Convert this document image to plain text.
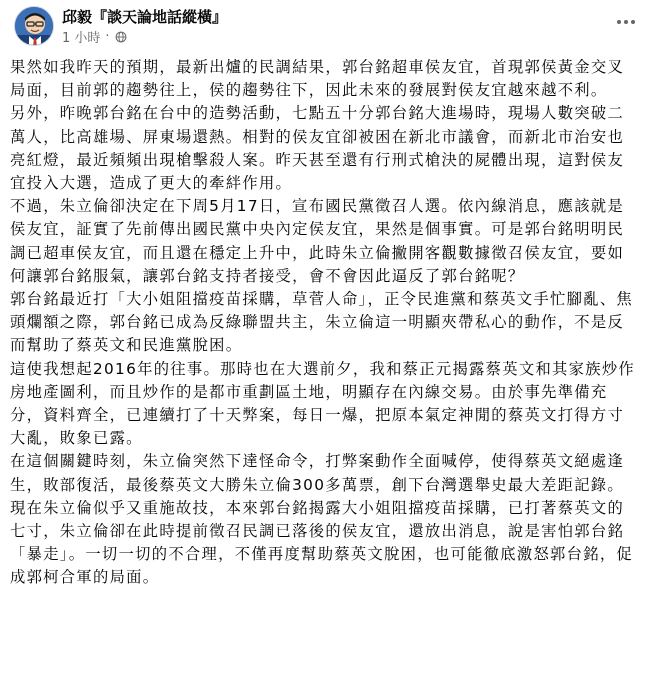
邱毅『談天論地話縱橫』
1 小時 ·

果然如我昨天的預期，最新出爐的民調結果，郭台銘超車侯友宜，首現郭侯黃金交叉局面，目前郭的趨勢往上，侯的趨勢往下，因此未來的發展對侯友宜越來越不利。

另外，昨晚郭台銘在台中的造勢活動，七點五十分郭台銘大進場時，現場人數突破二萬人，比高雄場、屏東場還熱。相對的侯友宜卻被困在新北市議會，而新北市治安也亮紅燈，最近頻頻出現槍擊殺人案。昨天甚至還有行刑式槍決的屍體出現，這對侯友宜投入大選，造成了更大的牽絆作用。

不過，朱立倫卻決定在下周5月17日，宣布國民黨徵召人選。依內線消息，應該就是侯友宜，証實了先前傳出國民黨中央內定侯友宜，果然是個事實。可是郭台銘明明民調已超車侯友宜，而且還在穩定上升中，此時朱立倫撇開客觀數據徵召侯友宜，要如何讓郭台銘服氣，讓郭台銘支持者接受，會不會因此逼反了郭台銘呢？

郭台銘最近打「大小姐阻擋疫苗採購，草菅人命」，正令民進黨和蔡英文手忙腳亂、焦頭爛額之際，郭台銘已成為反綠聯盟共主，朱立倫這一明顯夾帶私心的動作，不是反而幫助了蔡英文和民進黨脫困。

這使我想起2016年的往事。那時也在大選前夕，我和蔡正元揭露蔡英文和其家族炒作房地產圖利，而且炒作的是都市重劃區土地，明顯存在內線交易。由於事先準備充分，資料齊全，已連續打了十天弊案，每日一爆，把原本氣定神閒的蔡英文打得方寸大亂，敗象已露。

在這個關鍵時刻，朱立倫突然下達怪命令，打弊案動作全面喊停，使得蔡英文絕處逢生，敗部復活，最後蔡英文大勝朱立倫300多萬票，創下台灣選舉史最大差距記錄。

現在朱立倫似乎又重施故技，本來郭台銘揭露大小姐阻擋疫苗採購，已打著蔡英文的七寸，朱立倫卻在此時提前徵召民調已落後的侯友宜，還放出消息，說是害怕郭台銘「暴走」。一切一切的不合理，不僅再度幫助蔡英文脫困，也可能徹底激怒郭台銘，促成郭柯合軍的局面。
